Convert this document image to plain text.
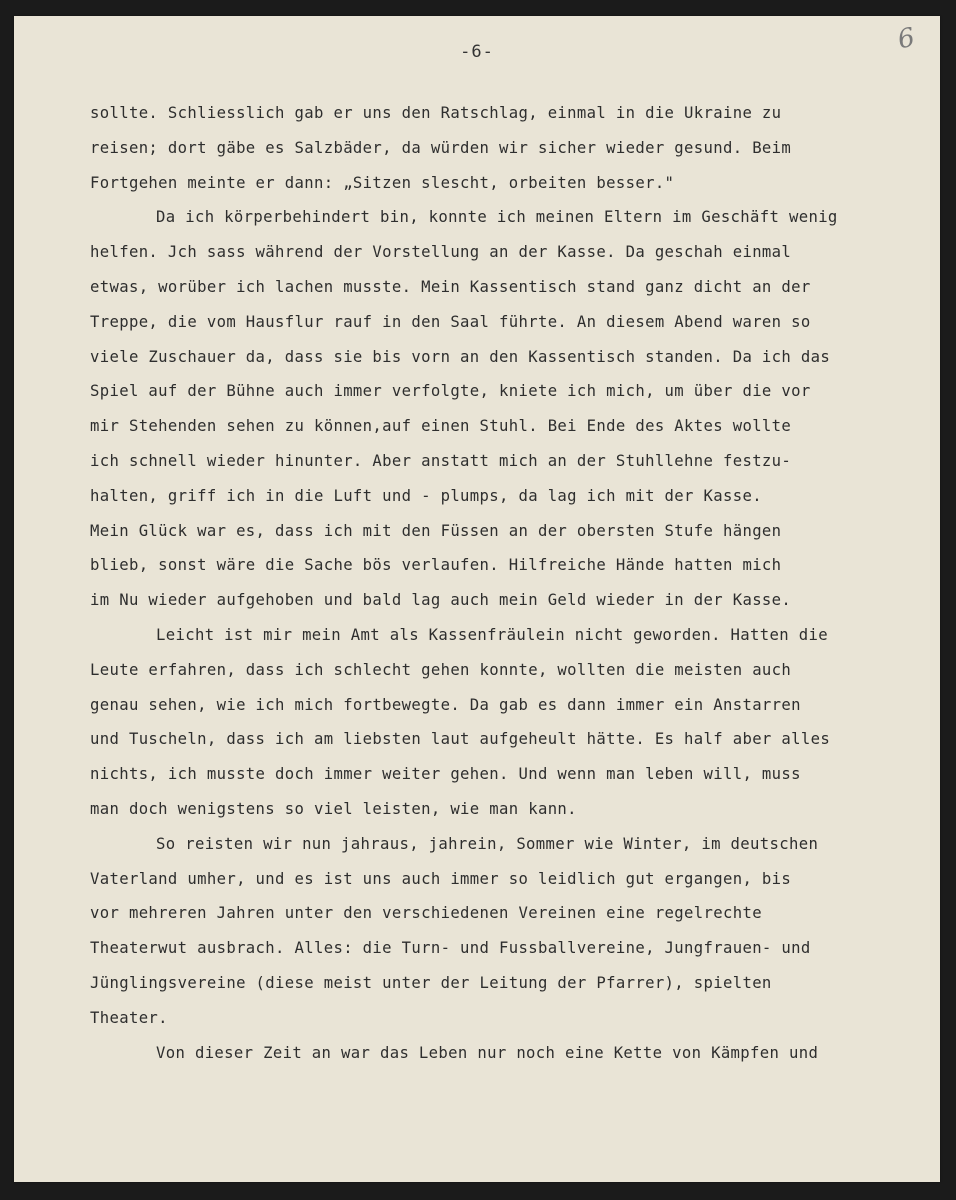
-6-	6
sollte. Schliesslich gab er uns den Ratschlag, einmal in die Ukraine zu
reisen; dort gäbe es Salzbäder, da würden wir sicher wieder gesund. Beim
Fortgehen meinte er dann: „Sitzen slescht, orbeiten besser."
Da ich körperbehindert bin, konnte ich meinen Eltern im Geschäft wenig
helfen. Jch sass während der Vorstellung an der Kasse. Da geschah einmal
etwas, worüber ich lachen musste. Mein Kassentisch stand ganz dicht an der
Treppe, die vom Hausflur rauf in den Saal führte. An diesem Abend waren so
viele Zuschauer da, dass sie bis vorn an den Kassentisch standen. Da ich das
Spiel auf der Bühne auch immer verfolgte, kniete ich mich, um über die vor
mir Stehenden sehen zu können,auf einen Stuhl. Bei Ende des Aktes wollte
ich schnell wieder hinunter. Aber anstatt mich an der Stuhllehne festzu-
halten, griff ich in die Luft und - plumps, da lag ich mit der Kasse.
Mein Glück war es, dass ich mit den Füssen an der obersten Stufe hängen
blieb, sonst wäre die Sache bös verlaufen. Hilfreiche Hände hatten mich
im Nu wieder aufgehoben und bald lag auch mein Geld wieder in der Kasse.
Leicht ist mir mein Amt als Kassenfräulein nicht geworden. Hatten die
Leute erfahren, dass ich schlecht gehen konnte, wollten die meisten auch
genau sehen, wie ich mich fortbewegte. Da gab es dann immer ein Anstarren
und Tuscheln, dass ich am liebsten laut aufgeheult hätte. Es half aber alles
nichts, ich musste doch immer weiter gehen. Und wenn man leben will, muss
man doch wenigstens so viel leisten, wie man kann.
So reisten wir nun jahraus, jahrein, Sommer wie Winter, im deutschen
Vaterland umher, und es ist uns auch immer so leidlich gut ergangen, bis
vor mehreren Jahren unter den verschiedenen Vereinen eine regelrechte
Theaterwut ausbrach. Alles: die Turn- und Fussballvereine, Jungfrauen- und
Jünglingsvereine (diese meist unter der Leitung der Pfarrer), spielten
Theater.
Von dieser Zeit an war das Leben nur noch eine Kette von Kämpfen und
